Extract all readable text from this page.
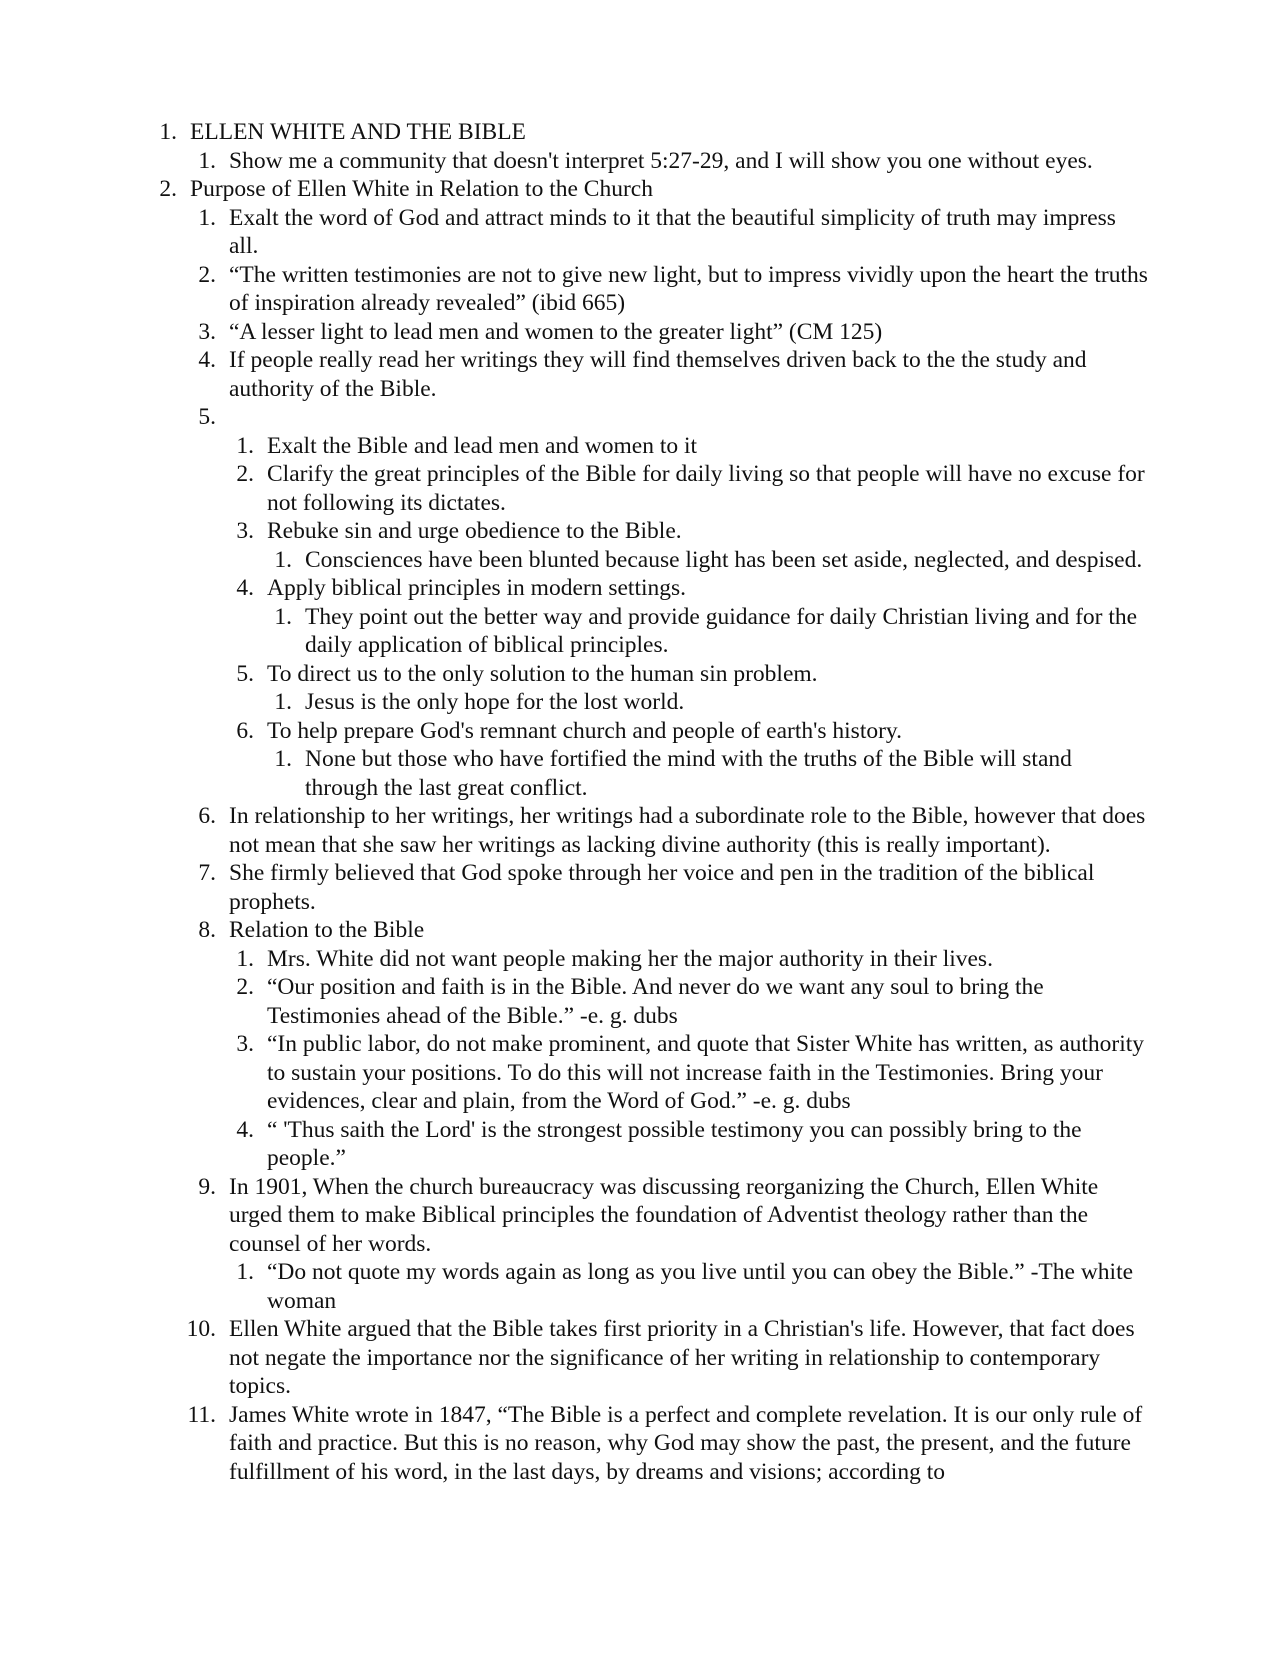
1. ELLEN WHITE AND THE BIBLE
1. Show me a community that doesn't interpret 5:27-29, and I will show you one without eyes.
2. Purpose of Ellen White in Relation to the Church
1. Exalt the word of God and attract minds to it that the beautiful simplicity of truth may impress all.
2. “The written testimonies are not to give new light, but to impress vividly upon the heart the truths of inspiration already revealed” (ibid 665)
3. “A lesser light to lead men and women to the greater light” (CM 125)
4. If people really read her writings they will find themselves driven back to the the study and authority of the Bible.
5.
1. Exalt the Bible and lead men and women to it
2. Clarify the great principles of the Bible for daily living so that people will have no excuse for not following its dictates.
3. Rebuke sin and urge obedience to the Bible.
1. Consciences have been blunted because light has been set aside, neglected, and despised.
4. Apply biblical principles in modern settings.
1. They point out the better way and provide guidance for daily Christian living and for the daily application of biblical principles.
5. To direct us to the only solution to the human sin problem.
1. Jesus is the only hope for the lost world.
6. To help prepare God's remnant church and people of earth's history.
1. None but those who have fortified the mind with the truths of the Bible will stand through the last great conflict.
6. In relationship to her writings, her writings had a subordinate role to the Bible, however that does not mean that she saw her writings as lacking divine authority (this is really important).
7. She firmly believed that God spoke through her voice and pen in the tradition of the biblical prophets.
8. Relation to the Bible
1. Mrs. White did not want people making her the major authority in their lives.
2. “Our position and faith is in the Bible. And never do we want any soul to bring the Testimonies ahead of the Bible.” -e. g. dubs
3. “In public labor, do not make prominent, and quote that Sister White has written, as authority to sustain your positions. To do this will not increase faith in the Testimonies. Bring your evidences, clear and plain, from the Word of God.” -e. g. dubs
4. “ 'Thus saith the Lord' is the strongest possible testimony you can possibly bring to the people.”
9. In 1901, When the church bureaucracy was discussing reorganizing the Church, Ellen White urged them to make Biblical principles the foundation of Adventist theology rather than the counsel of her words.
1. “Do not quote my words again as long as you live until you can obey the Bible.” -The white woman
10. Ellen White argued that the Bible takes first priority in a Christian's life. However, that fact does not negate the importance nor the significance of her writing in relationship to contemporary topics.
11. James White wrote in 1847, “The Bible is a perfect and complete revelation. It is our only rule of faith and practice. But this is no reason, why God may show the past, the present, and the future fulfillment of his word, in the last days, by dreams and visions; according to
